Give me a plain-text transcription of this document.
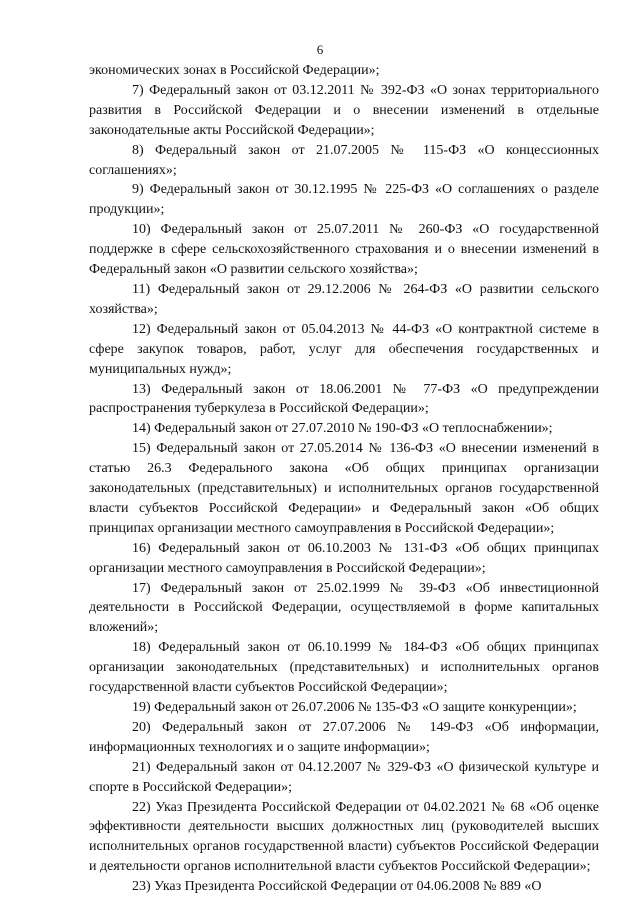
6

экономических зонах в Российской Федерации»;

7) Федеральный закон от 03.12.2011 № 392-ФЗ «О зонах территориального развития в Российской Федерации и о внесении изменений в отдельные законодательные акты Российской Федерации»;

8) Федеральный закон от 21.07.2005 № 115-ФЗ «О концессионных соглашениях»;

9) Федеральный закон от 30.12.1995 № 225-ФЗ «О соглашениях о разделе продукции»;

10) Федеральный закон от 25.07.2011 № 260-ФЗ «О государственной поддержке в сфере сельскохозяйственного страхования и о внесении изменений в Федеральный закон «О развитии сельского хозяйства»;

11) Федеральный закон от 29.12.2006 № 264-ФЗ «О развитии сельского хозяйства»;

12) Федеральный закон от 05.04.2013 № 44-ФЗ «О контрактной системе в сфере закупок товаров, работ, услуг для обеспечения государственных и муниципальных нужд»;

13) Федеральный закон от 18.06.2001 № 77-ФЗ «О предупреждении распространения туберкулеза в Российской Федерации»;

14) Федеральный закон от 27.07.2010 № 190-ФЗ «О теплоснабжении»;

15) Федеральный закон от 27.05.2014 № 136-ФЗ «О внесении изменений в статью 26.3 Федерального закона «Об общих принципах организации законодательных (представительных) и исполнительных органов государственной власти субъектов Российской Федерации» и Федеральный закон «Об общих принципах организации местного самоуправления в Российской Федерации»;

16) Федеральный закон от 06.10.2003 № 131-ФЗ «Об общих принципах организации местного самоуправления в Российской Федерации»;

17) Федеральный закон от 25.02.1999 № 39-ФЗ «Об инвестиционной деятельности в Российской Федерации, осуществляемой в форме капитальных вложений»;

18) Федеральный закон от 06.10.1999 № 184-ФЗ «Об общих принципах организации законодательных (представительных) и исполнительных органов государственной власти субъектов Российской Федерации»;

19) Федеральный закон от 26.07.2006 № 135-ФЗ «О защите конкуренции»;

20) Федеральный закон от 27.07.2006 № 149-ФЗ «Об информации, информационных технологиях и о защите информации»;

21) Федеральный закон от 04.12.2007 № 329-ФЗ «О физической культуре и спорте в Российской Федерации»;

22) Указ Президента Российской Федерации от 04.02.2021 № 68 «Об оценке эффективности деятельности высших должностных лиц (руководителей высших исполнительных органов государственной власти) субъектов Российской Федерации и деятельности органов исполнительной власти субъектов Российской Федерации»;

23) Указ Президента Российской Федерации от 04.06.2008 № 889 «О
